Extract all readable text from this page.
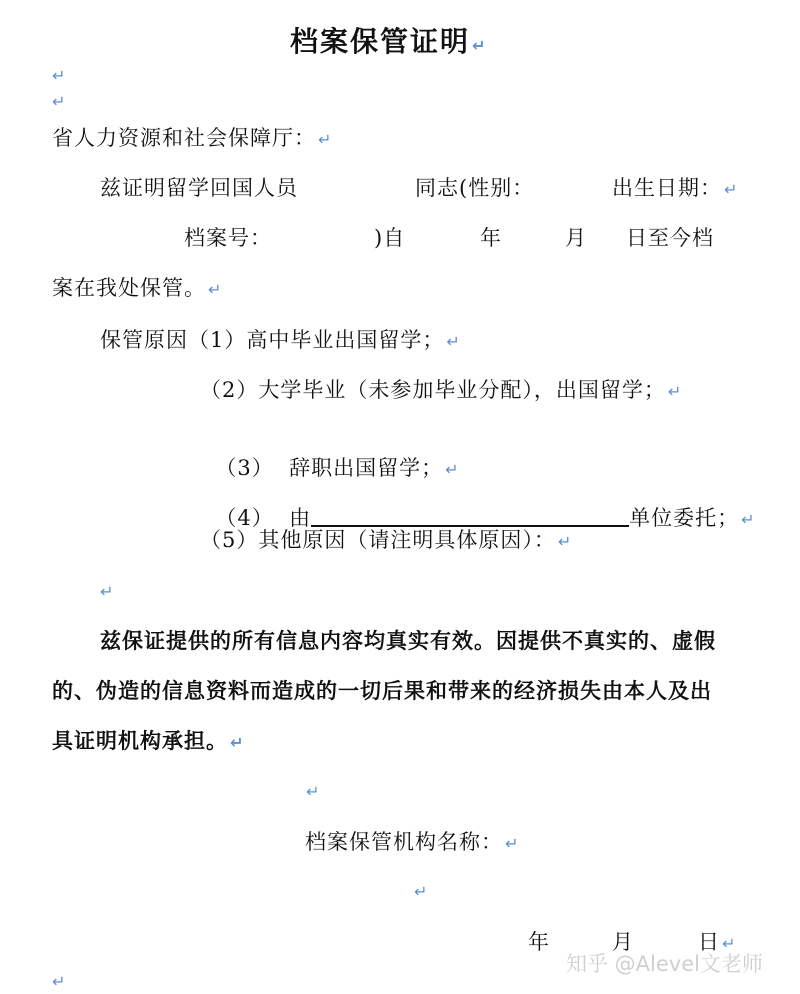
档案保管证明 ↵
↵
↵
省人力资源和社会保障厅： ↵
兹证明留学回国人员	同志(性别：	出生日期： ↵
档案号：	)自	年	月 日至今档
案在我处保管。 ↵
保管原因（1）高中毕业出国留学； ↵
（2）大学毕业（未参加毕业分配），出国留学； ↵

（3）  辞职出国留学； ↵

（4）  由	单位委托； ↵

（5）其他原因（请注明具体原因）： ↵
↵
兹保证提供的所有信息内容均真实有效。因提供不真实的、虚假
的、伪造的信息资料而造成的一切后果和带来的经济损失由本人及出
具证明机构承担。 ↵
↵
档案保管机构名称： ↵
↵
年	月	日 ↵
知乎 @Alevel文老师
↵
